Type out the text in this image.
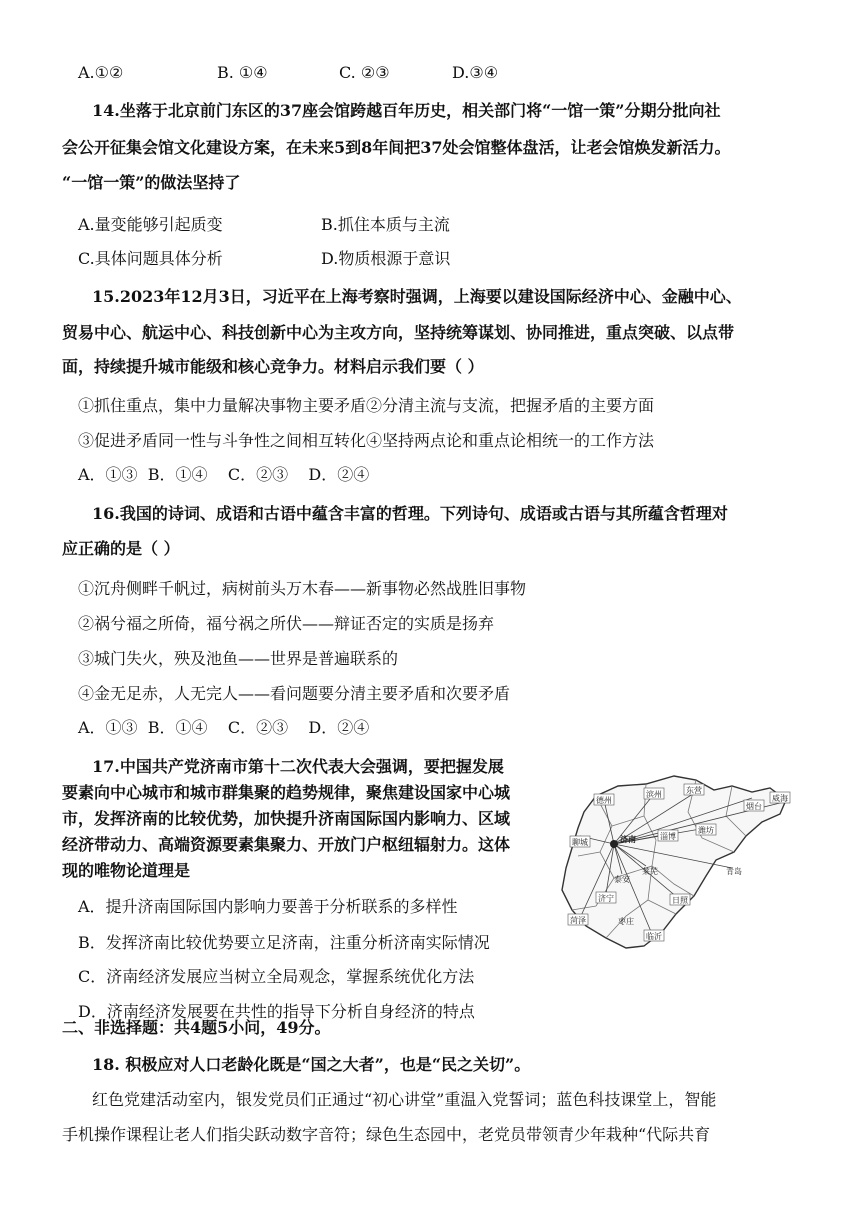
A.①②	B. ①④	C. ②③	D.③④
14.坐落于北京前门东区的37座会馆跨越百年历史，相关部门将“一馆一策”分期分批向社
会公开征集会馆文化建设方案，在未来5到8年间把37处会馆整体盘活，让老会馆焕发新活力。
“一馆一策”的做法坚持了
A.量变能够引起质变	B.抓住本质与主流
C.具体问题具体分析	D.物质根源于意识
15.2023年12月3日，习近平在上海考察时强调，上海要以建设国际经济中心、金融中心、
贸易中心、航运中心、科技创新中心为主攻方向，坚持统筹谋划、协同推进，重点突破、以点带
面，持续提升城市能级和核心竞争力。材料启示我们要（ ）
①抓住重点，集中力量解决事物主要矛盾②分清主流与支流，把握矛盾的主要方面
③促进矛盾同一性与斗争性之间相互转化④坚持两点论和重点论相统一的工作方法
A．①③  B．①④    C．②③    D．②④
16.我国的诗词、成语和古语中蕴含丰富的哲理。下列诗句、成语或古语与其所蕴含哲理对
应正确的是（ ）
①沉舟侧畔千帆过，病树前头万木春——新事物必然战胜旧事物
②祸兮福之所倚，福兮祸之所伏——辩证否定的实质是扬弃
③城门失火，殃及池鱼——世界是普遍联系的
④金无足赤，人无完人——看问题要分清主要矛盾和次要矛盾
A．①③  B．①④    C．②③    D．②④
17.中国共产党济南市第十二次代表大会强调，要把握发展
要素向中心城市和城市群集聚的趋势规律，聚焦建设国家中心城
市，发挥济南的比较优势，加快提升济南国际国内影响力、区域
经济带动力、高端资源要素集聚力、开放门户枢纽辐射力。这体
现的唯物论道理是
A．提升济南国际国内影响力要善于分析联系的多样性
B．发挥济南比较优势要立足济南，注重分析济南实际情况
C．济南经济发展应当树立全局观念，掌握系统优化方法
D．济南经济发展要在共性的指导下分析自身经济的特点
德州
滨州	东营
烟台
威海
聊城	济南	淄博
潍坊
泰安
莱芜
济宁
青岛
日照
临沂
菏泽	枣庄
二、非选择题：共4题5小问，49分。
18. 积极应对人口老龄化既是“国之大者”，也是“民之关切”。
红色党建活动室内，银发党员们正通过“初心讲堂”重温入党誓词；蓝色科技课堂上，智能
手机操作课程让老人们指尖跃动数字音符；绿色生态园中，老党员带领青少年栽种“代际共育
